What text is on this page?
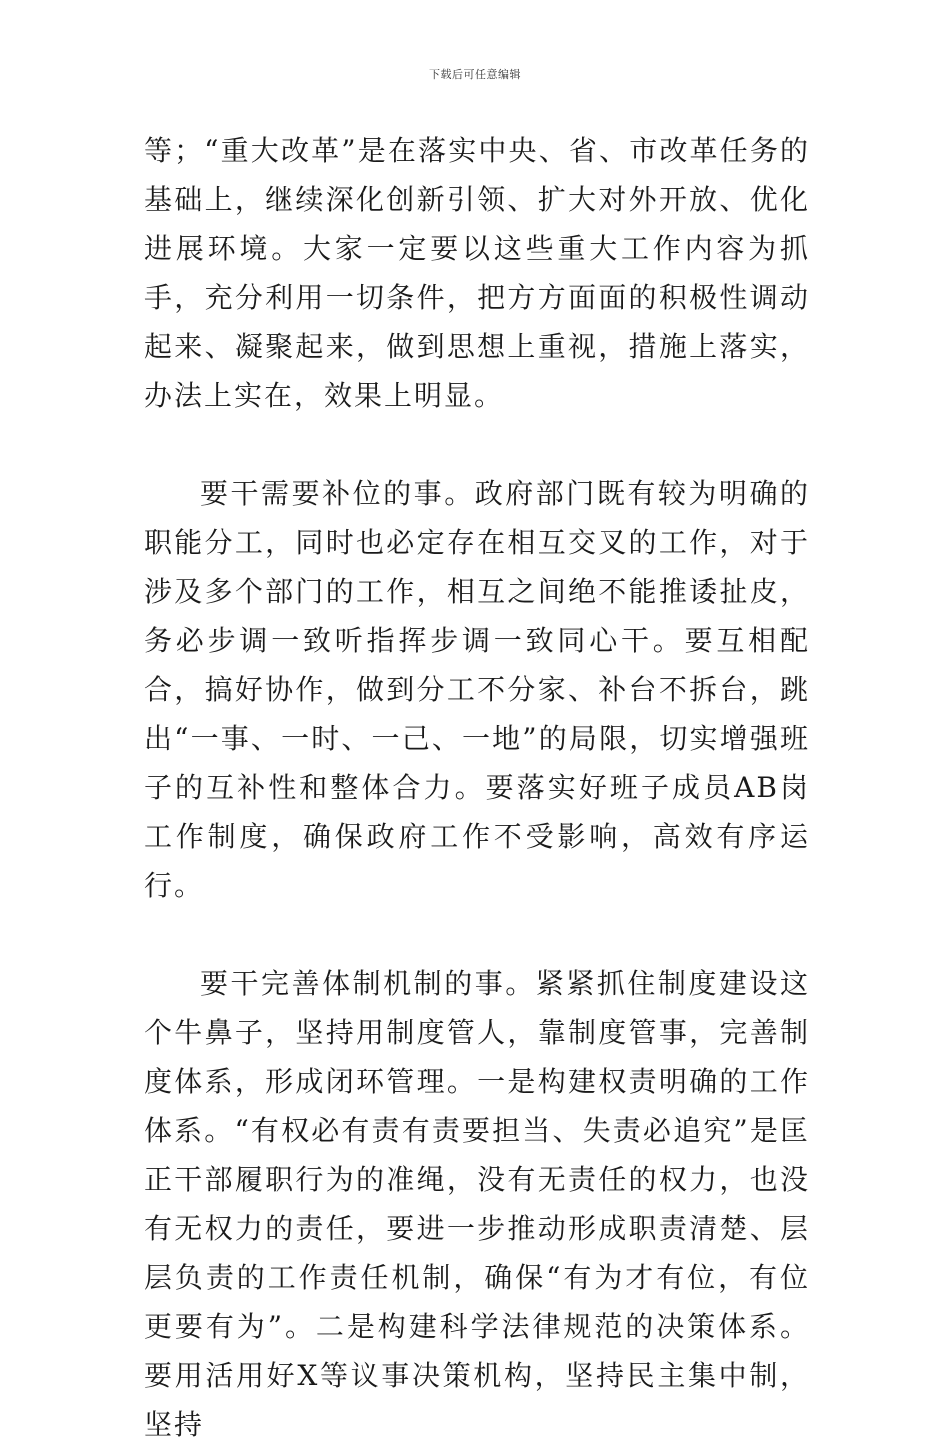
下载后可任意编辑

等；“重大改革”是在落实中央、省、市改革任务的基础上，继续深化创新引领、扩大对外开放、优化进展环境。大家一定要以这些重大工作内容为抓手，充分利用一切条件，把方方面面的积极性调动起来、凝聚起来，做到思想上重视，措施上落实，办法上实在，效果上明显。

要干需要补位的事。政府部门既有较为明确的职能分工，同时也必定存在相互交叉的工作，对于涉及多个部门的工作，相互之间绝不能推诿扯皮，务必步调一致听指挥步调一致同心干。要互相配合，搞好协作，做到分工不分家、补台不拆台，跳出“一事、一时、一己、一地”的局限，切实增强班子的互补性和整体合力。要落实好班子成员AB岗工作制度，确保政府工作不受影响，高效有序运行。

要干完善体制机制的事。紧紧抓住制度建设这个牛鼻子，坚持用制度管人，靠制度管事，完善制度体系，形成闭环管理。一是构建权责明确的工作体系。“有权必有责有责要担当、失责必追究”是匡正干部履职行为的准绳，没有无责任的权力，也没有无权力的责任，要进一步推动形成职责清楚、层层负责的工作责任机制，确保“有为才有位，有位更要有为”。二是构建科学法律规范的决策体系。要用活用好X等议事决策机构，坚持民主集中制，坚持
